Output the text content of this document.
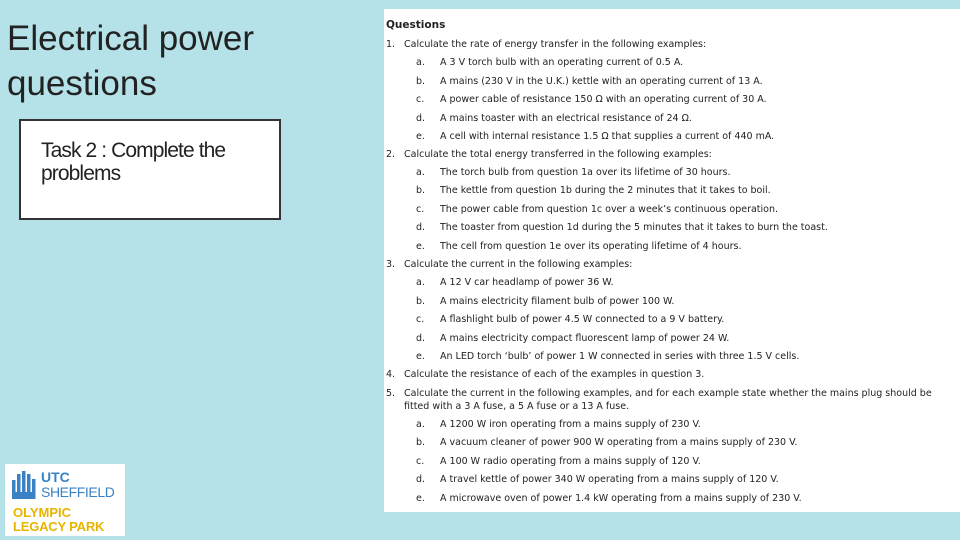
Electrical power
questions
Task 2 : Complete the
problems
UTC
SHEFFIELD
OLYMPIC
LEGACY PARK
Questions
1. Calculate the rate of energy transfer in the following examples:
a. A 3 V torch bulb with an operating current of 0.5 A.
b. A mains (230 V in the U.K.) kettle with an operating current of 13 A.
c. A power cable of resistance 150 Ω with an operating current of 30 A.
d. A mains toaster with an electrical resistance of 24 Ω.
e. A cell with internal resistance 1.5 Ω that supplies a current of 440 mA.
2. Calculate the total energy transferred in the following examples:
a. The torch bulb from question 1a over its lifetime of 30 hours.
b. The kettle from question 1b during the 2 minutes that it takes to boil.
c. The power cable from question 1c over a week’s continuous operation.
d. The toaster from question 1d during the 5 minutes that it takes to burn the toast.
e. The cell from question 1e over its operating lifetime of 4 hours.
3. Calculate the current in the following examples:
a. A 12 V car headlamp of power 36 W.
b. A mains electricity filament bulb of power 100 W.
c. A flashlight bulb of power 4.5 W connected to a 9 V battery.
d. A mains electricity compact fluorescent lamp of power 24 W.
e. An LED torch ‘bulb’ of power 1 W connected in series with three 1.5 V cells.
4. Calculate the resistance of each of the examples in question 3.
5. Calculate the current in the following examples, and for each example state whether the mains plug should be
fitted with a 3 A fuse, a 5 A fuse or a 13 A fuse.
a. A 1200 W iron operating from a mains supply of 230 V.
b. A vacuum cleaner of power 900 W operating from a mains supply of 230 V.
c. A 100 W radio operating from a mains supply of 120 V.
d. A travel kettle of power 340 W operating from a mains supply of 120 V.
e. A microwave oven of power 1.4 kW operating from a mains supply of 230 V.
